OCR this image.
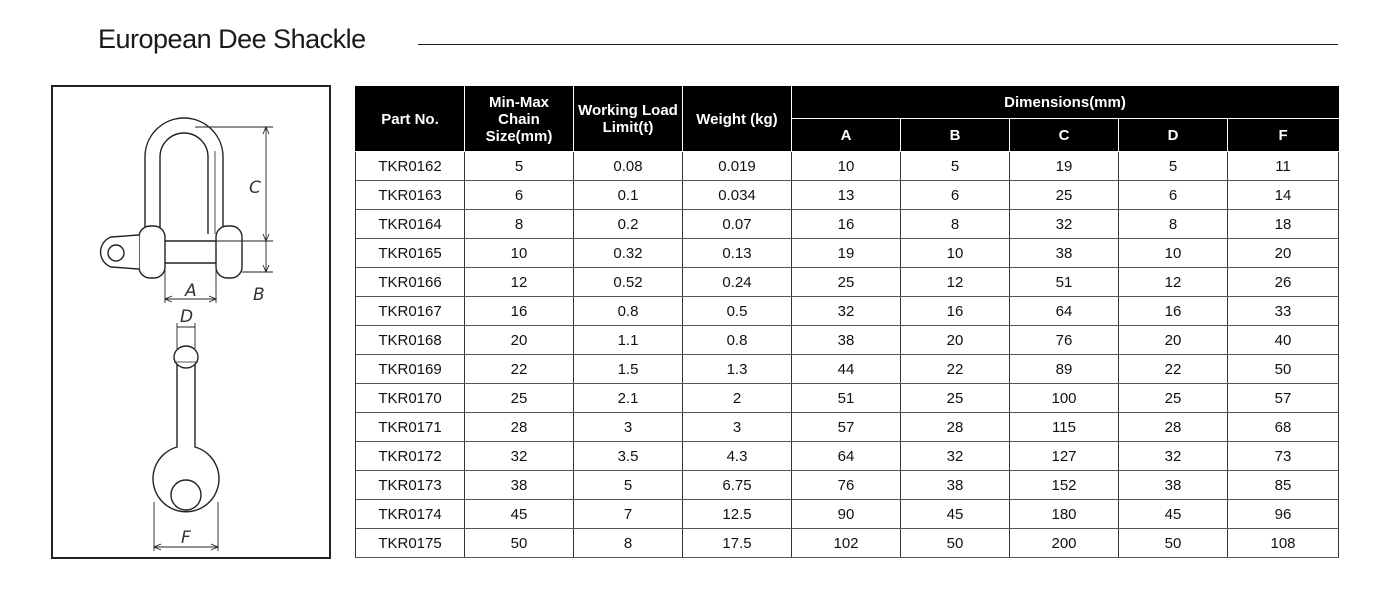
European Dee Shackle
C
B
A
D
F
Part No.	Min-Max Chain Size(mm)	Working Load Limit(t)	Weight (kg)	Dimensions(mm)				
				A	B	C	D	F
TKR0162	5	0.08	0.019	10	5	19	5	11
TKR0163	6	0.1	0.034	13	6	25	6	14
TKR0164	8	0.2	0.07	16	8	32	8	18
TKR0165	10	0.32	0.13	19	10	38	10	20
TKR0166	12	0.52	0.24	25	12	51	12	26
TKR0167	16	0.8	0.5	32	16	64	16	33
TKR0168	20	1.1	0.8	38	20	76	20	40
TKR0169	22	1.5	1.3	44	22	89	22	50
TKR0170	25	2.1	2	51	25	100	25	57
TKR0171	28	3	3	57	28	115	28	68
TKR0172	32	3.5	4.3	64	32	127	32	73
TKR0173	38	5	6.75	76	38	152	38	85
TKR0174	45	7	12.5	90	45	180	45	96
TKR0175	50	8	17.5	102	50	200	50	108
